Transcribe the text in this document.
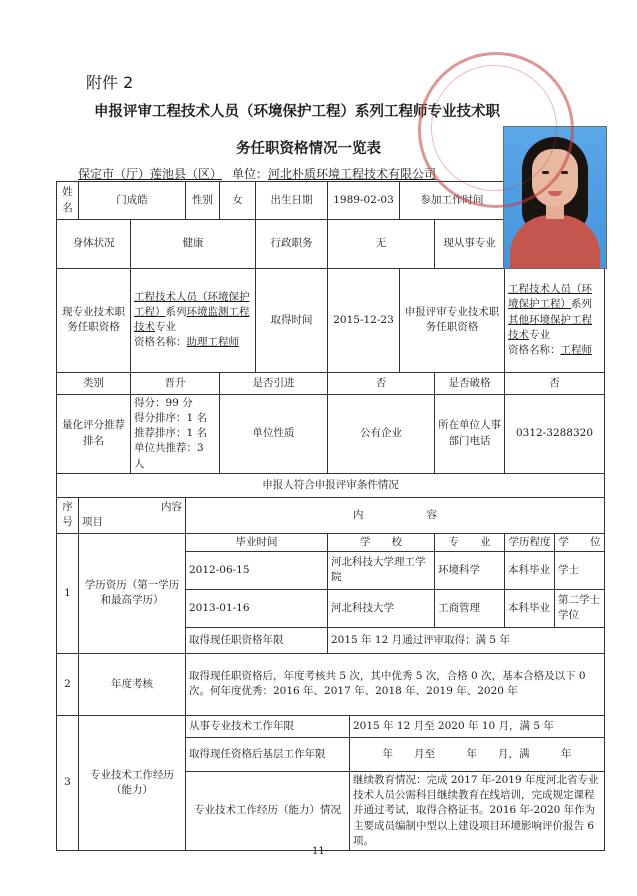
附件 2
申报评审工程技术人员（环境保护工程）系列工程师专业技术职
务任职资格情况一览表
保定市（厅）莲池县（区） 单位：河北朴质环境工程技术有限公司
姓名	门成皓		性别	女	出生日期	1989-02-03		参加工作时间		
身体状况		健康			行政职务	无			现从事专业		
现专业技术职务任职资格		工程技术人员（环境保护工程）系列环境监测工程技术专业
资格名称：助理工程师			取得时间	2015-12-23		申报评审专业技术职务任职资格		工程技术人员（环境保护工程）系列其他环境保护工程技术专业
资格名称：工程师	
类别		晋升		是否引进		否			是否破格	否	
量化评分推荐排名		得分：99 分
得分排序：1 名
推荐排序：1 名
单位共推荐：3 人		单位性质		公有企业			所在单位人事部门电话	0312-3288320	
申报人符合申报评审条件情况											
序号	内容
项目		内　　　　　　容								
1	学历资历（第一学历和最高学历）		毕业时间			学　　校			专　　业	学历程度	学　　位
			2012-06-15			河北科技大学理工学院			环境科学	本科毕业	学士
			2013-01-16			河北科技大学			工商管理	本科毕业	第二学士学位
			取得现任职资格年限			2015 年 12 月通过评审取得；满 5 年					
2	年度考核		取得现任职资格后，年度考核共 5 次，其中优秀 5 次，合格 0 次，基本合格及以下 0 次。何年度优秀：2016 年、2017 年、2018 年、2019 年、2020 年								
3	专业技术工作经历（能力）		从事专业技术工作年限				2015 年 12 月至 2020 年 10 月，满 5 年				
			取得现任资格后基层工作年限				年　　月至　　　年　　月，满　　　年				
			专业技术工作经历（能力）情况				继续教育情况：完成 2017 年-2019 年度河北省专业技术人员公需科目继续教育在线培训，完成规定课程并通过考试，取得合格证书。2016 年-2020 年作为主要成员编制中型以上建设项目环境影响评价报告 6 项。				
11
